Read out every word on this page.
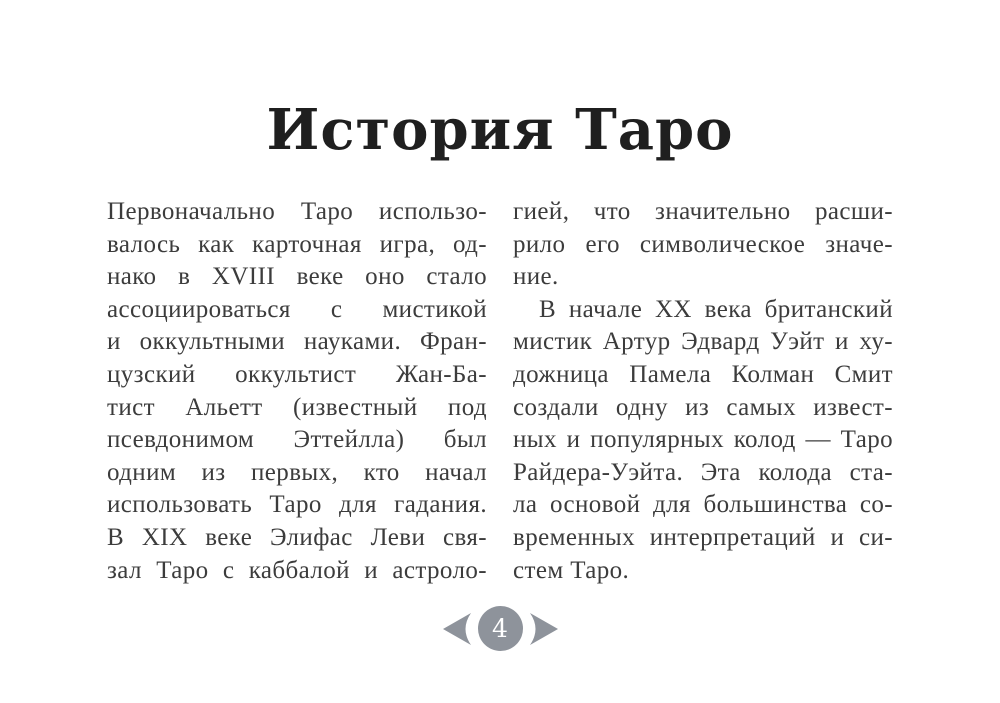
История Таро
Первоначально Таро использо-
валось как карточная игра, од-
нако в XVIII веке оно стало
ассоциироваться с мистикой
и оккультными науками. Фран-
цузский оккультист Жан-Ба-
тист Альетт (известный под
псевдонимом Эттейлла) был
одним из первых, кто начал
использовать Таро для гадания.
В XIX веке Элифас Леви свя-
зал Таро с каббалой и астроло-
гией, что значительно расши-
рило его символическое значе-
ние.
В начале XX века британский
мистик Артур Эдвард Уэйт и ху-
дожница Памела Колман Смит
создали одну из самых извест-
ных и популярных колод — Таро
Райдера-Уэйта. Эта колода ста-
ла основой для большинства со-
временных интерпретаций и си-
стем Таро.
4
